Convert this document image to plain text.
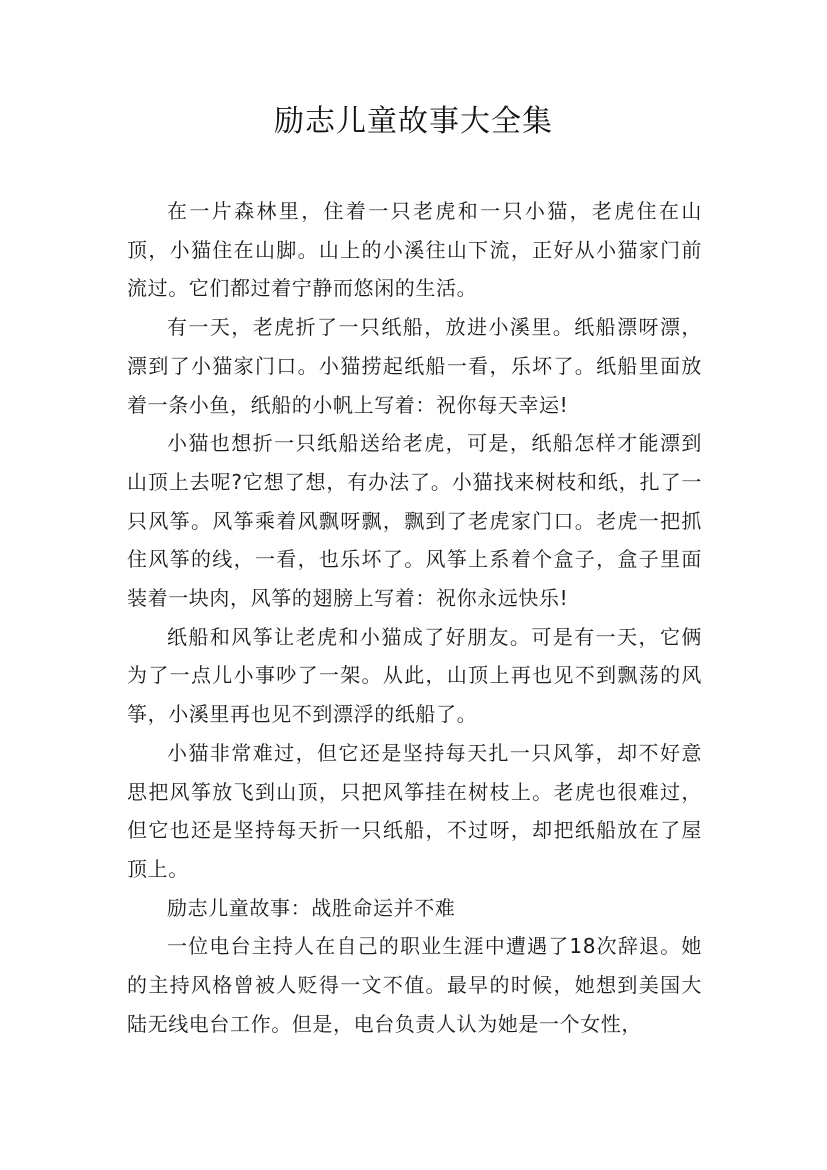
励志儿童故事大全集

在一片森林里，住着一只老虎和一只小猫，老虎住在山顶，小猫住在山脚。山上的小溪往山下流，正好从小猫家门前流过。它们都过着宁静而悠闲的生活。

有一天，老虎折了一只纸船，放进小溪里。纸船漂呀漂，漂到了小猫家门口。小猫捞起纸船一看，乐坏了。纸船里面放着一条小鱼，纸船的小帆上写着：祝你每天幸运!

小猫也想折一只纸船送给老虎，可是，纸船怎样才能漂到山顶上去呢?它想了想，有办法了。小猫找来树枝和纸，扎了一只风筝。风筝乘着风飘呀飘，飘到了老虎家门口。老虎一把抓住风筝的线，一看，也乐坏了。风筝上系着个盒子，盒子里面装着一块肉，风筝的翅膀上写着：祝你永远快乐!

纸船和风筝让老虎和小猫成了好朋友。可是有一天，它俩为了一点儿小事吵了一架。从此，山顶上再也见不到飘荡的风筝，小溪里再也见不到漂浮的纸船了。

小猫非常难过，但它还是坚持每天扎一只风筝，却不好意思把风筝放飞到山顶，只把风筝挂在树枝上。老虎也很难过，但它也还是坚持每天折一只纸船，不过呀，却把纸船放在了屋顶上。

励志儿童故事：战胜命运并不难

一位电台主持人在自己的职业生涯中遭遇了18次辞退。她的主持风格曾被人贬得一文不值。最早的时候，她想到美国大陆无线电台工作。但是，电台负责人认为她是一个女性，
